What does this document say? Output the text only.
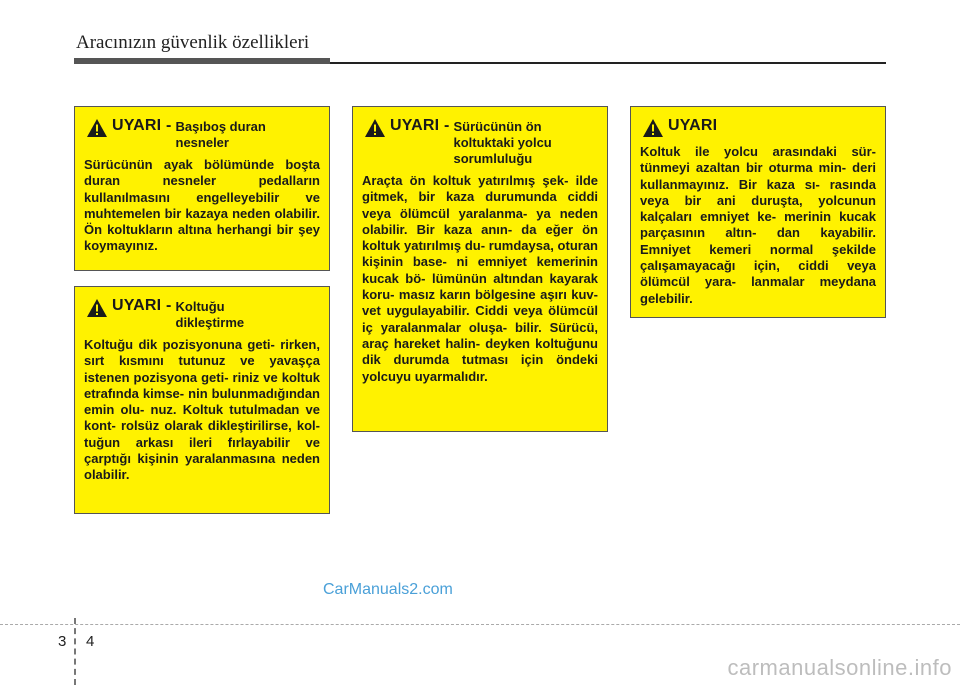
Aracınızın güvenlik özellikleri
UYARI - Başıboş duran nesneler
Sürücünün ayak bölümünde boşta duran nesneler pedalların kullanılmasını engelleyebilir ve muhtemelen bir kazaya neden olabilir. Ön koltukların altına herhangi bir şey koymayınız.
UYARI - Koltuğu dikleştirme
Koltuğu dik pozisyonuna geti- rirken, sırt kısmını tutunuz ve yavaşça istenen pozisyona geti- riniz ve koltuk etrafında kimse- nin bulunmadığından emin olu- nuz. Koltuk tutulmadan ve kont- rolsüz olarak dikleştirilirse, kol- tuğun arkası ileri fırlayabilir ve çarptığı kişinin yaralanmasına neden olabilir.
UYARI - Sürücünün ön koltuktaki yolcu sorumluluğu
Araçta ön koltuk yatırılmış şek- ilde gitmek, bir kaza durumunda ciddi veya ölümcül yaralanma- ya neden olabilir. Bir kaza anın- da eğer ön koltuk yatırılmış du- rumdaysa, oturan kişinin base- ni emniyet kemerinin kucak bö- lümünün altından kayarak koru- masız karın bölgesine aşırı kuv- vet uygulayabilir. Ciddi veya ölümcül iç yaralanmalar oluşa- bilir. Sürücü, araç hareket halin- deyken koltuğunu dik durumda tutması için öndeki yolcuyu uyarmalıdır.
UYARI
Koltuk ile yolcu arasındaki sür- tünmeyi azaltan bir oturma min- deri kullanmayınız. Bir kaza sı- rasında veya bir ani duruşta, yolcunun kalçaları emniyet ke- merinin kucak parçasının altın- dan kayabilir. Emniyet kemeri normal şekilde çalışamayacağı için, ciddi veya ölümcül yara- lanmalar meydana gelebilir.
CarManuals2.com
3 4
carmanualsonline.info
